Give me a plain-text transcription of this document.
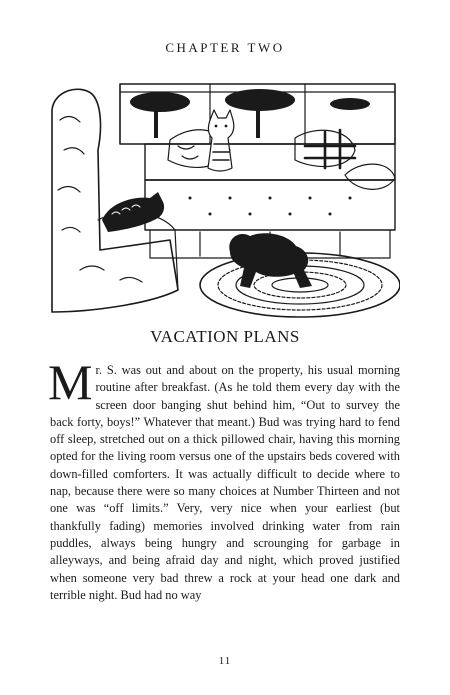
CHAPTER TWO
VACATION PLANS
M r. S. was out and about on the property, his usual morning routine after breakfast. (As he told them every day with the screen door banging shut behind him, “Out to survey the back forty, boys!” Whatever that meant.) Bud was trying hard to fend off sleep, stretched out on a thick pillowed chair, having this morning opted for the living room versus one of the upstairs beds covered with down-filled comforters. It was actually difficult to decide where to nap, because there were so many choices at Number Thirteen and not one was “off limits.” Very, very nice when your earliest (but thankfully fading) memories involved drinking water from rain puddles, always being hungry and scrounging for garbage in alleyways, and being afraid day and night, which proved justified when someone very bad threw a rock at your head one dark and terrible night. Bud had no way

11
